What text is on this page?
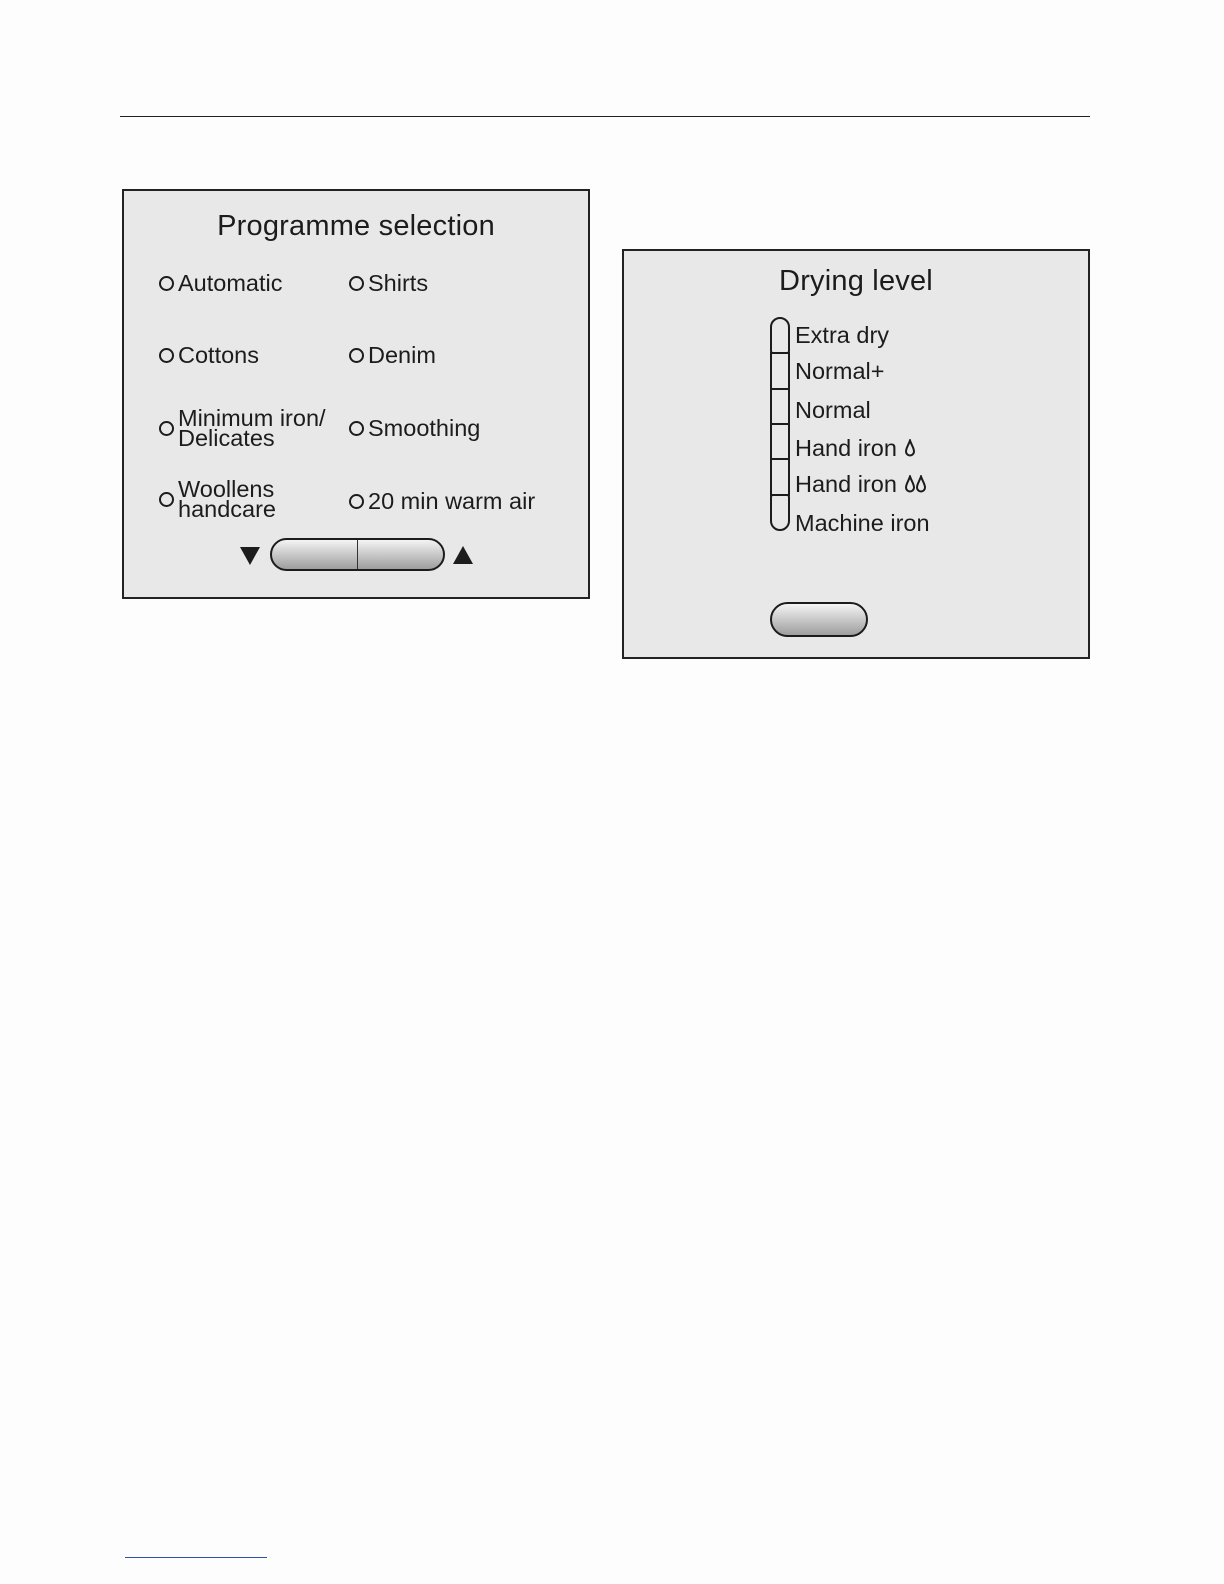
Programme selection
Automatic	Shirts
Cottons	Denim
Minimum iron/
Delicates	Smoothing
Woollens
handcare	20 min warm air
Drying level
Extra dry
Normal+
Normal
Hand iron
Hand iron
Machine iron
